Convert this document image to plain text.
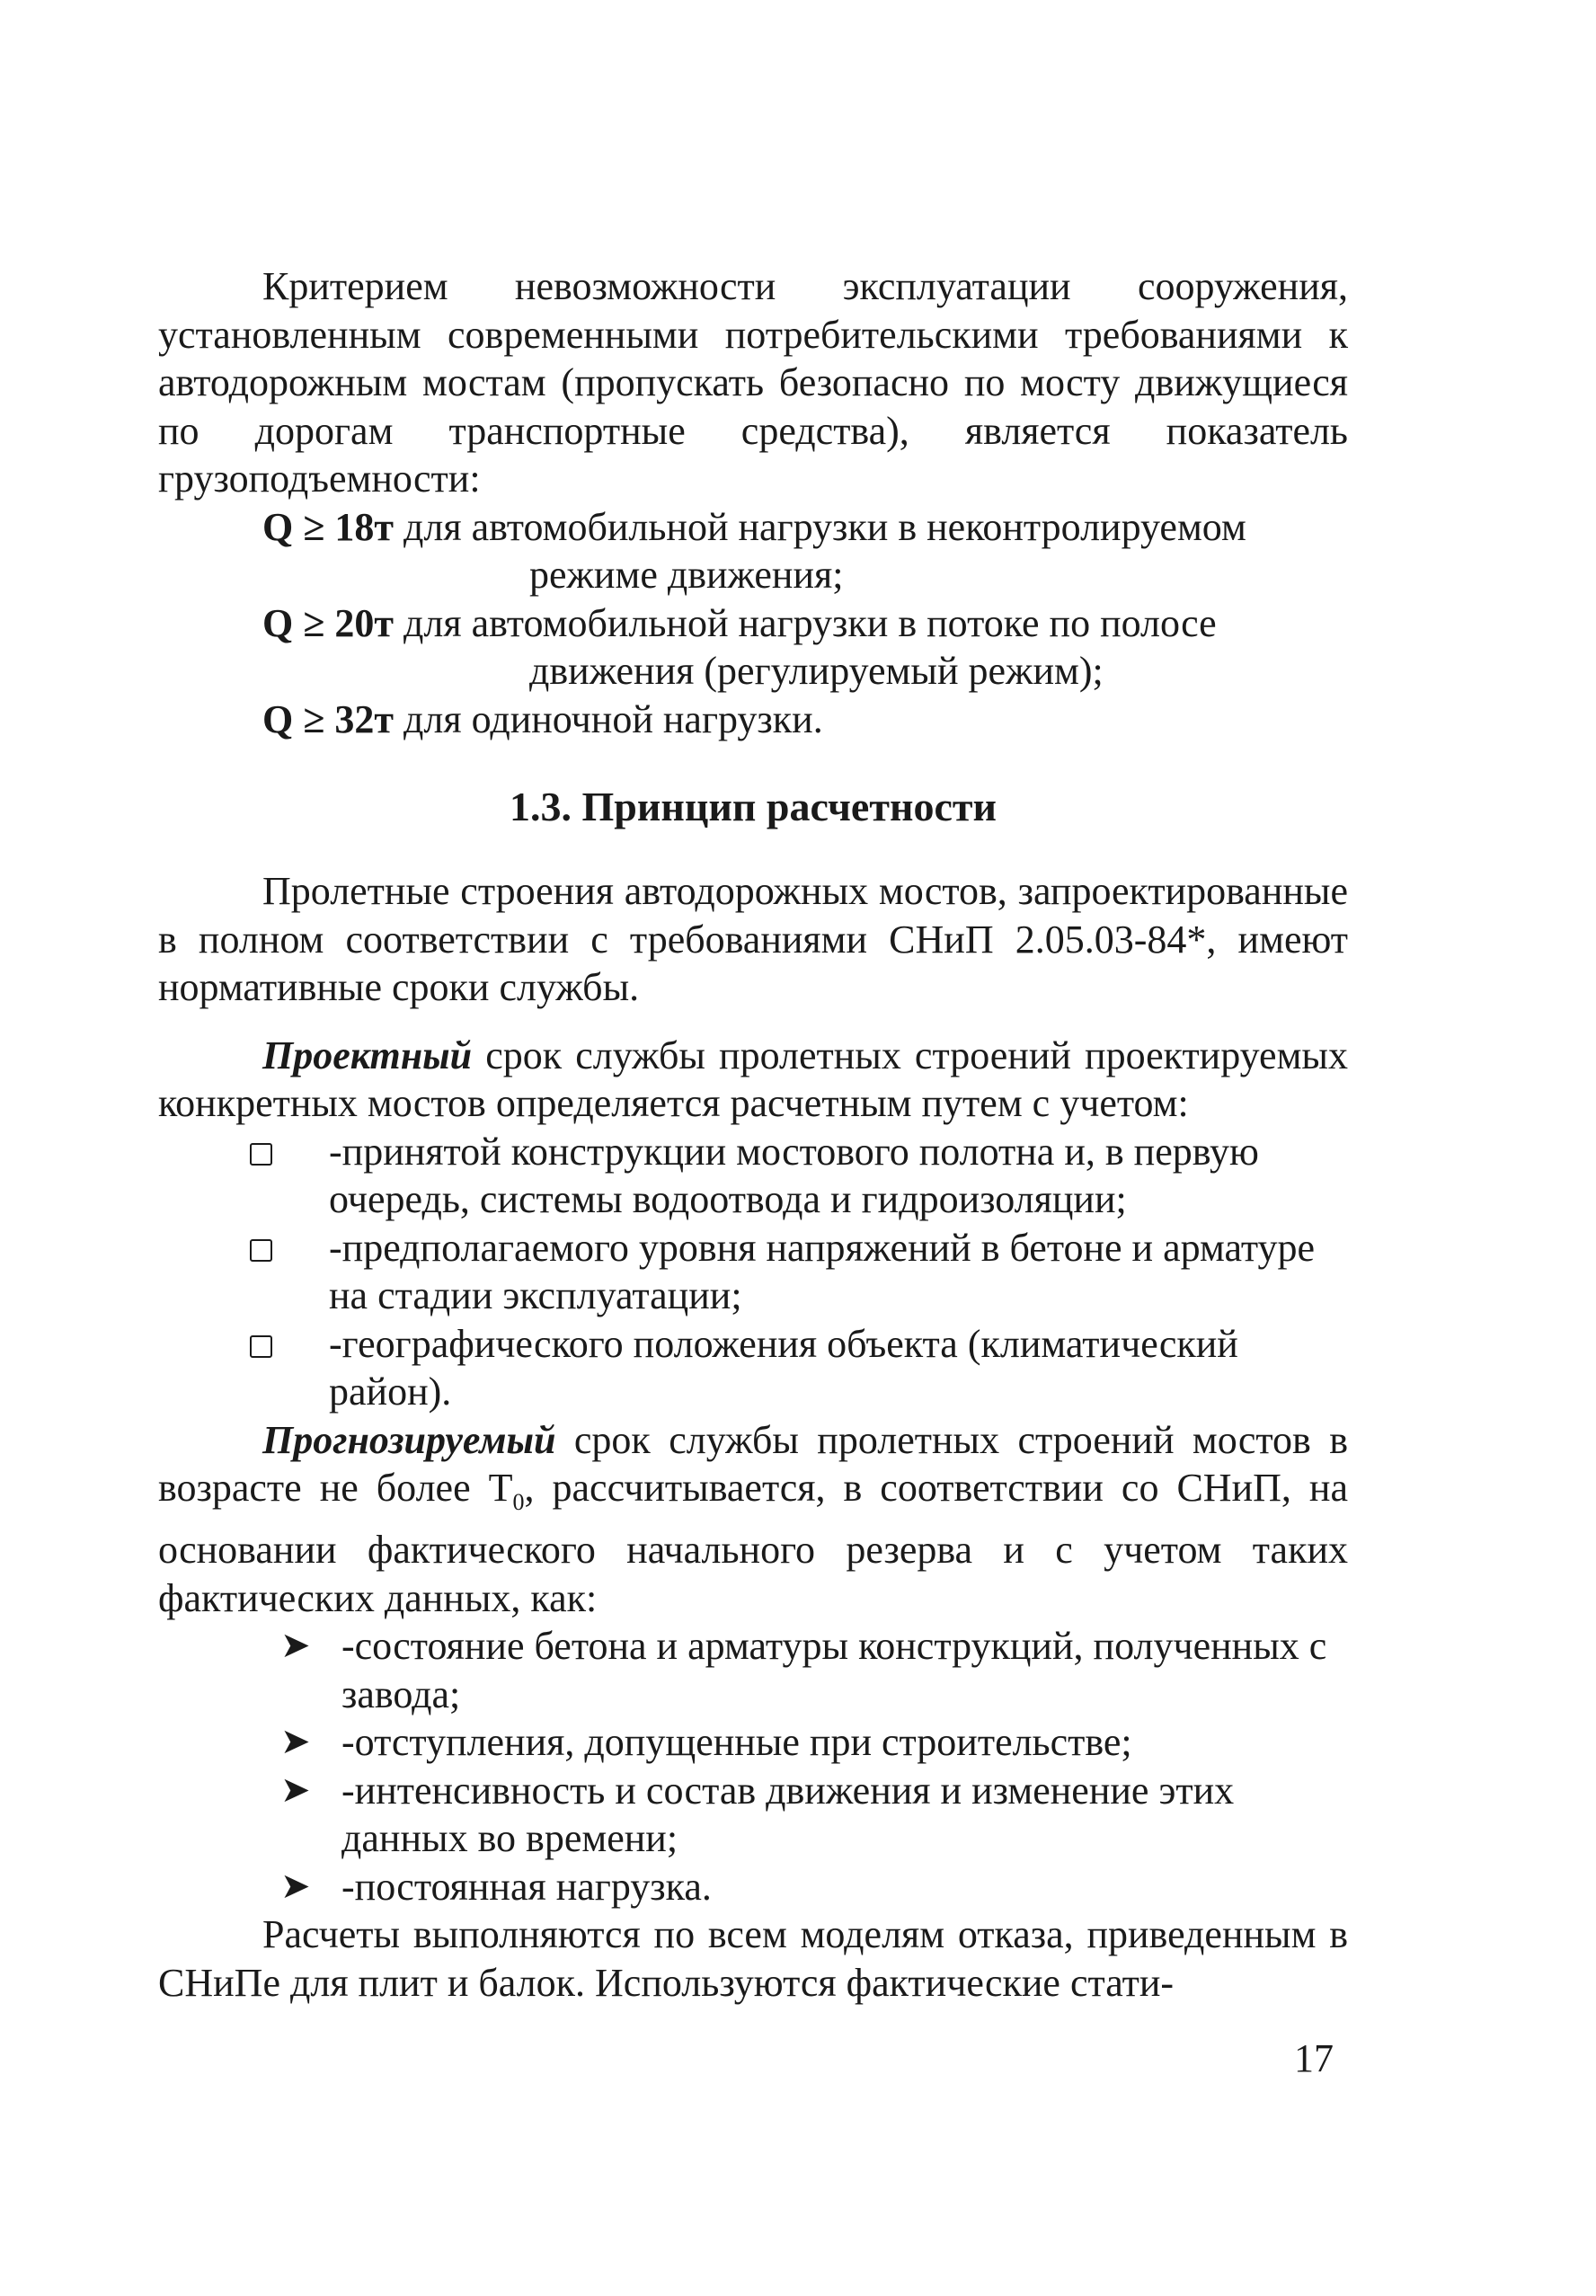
Критерием невозможности эксплуатации сооружения, установленным современными потребительскими требованиями к автодорожным мостам (пропускать безопасно по мосту движущиеся по дорогам транспортные средства), является показатель грузоподъемности:

Q ≥ 18т для автомобильной нагрузки в неконтролируемом

режиме движения;

Q ≥ 20т для автомобильной нагрузки в потоке по полосе

движения (регулируемый режим);

Q ≥ 32т для одиночной нагрузки.

1.3. Принцип расчетности

Пролетные строения автодорожных мостов, запроектированные в полном соответствии с требованиями СНиП 2.05.03-84*, имеют нормативные сроки службы.

Проектный срок службы пролетных строений проектируемых конкретных мостов определяется расчетным путем с учетом:

-принятой конструкции мостового полотна и, в первую очередь, системы водоотвода и гидроизоляции;
-предполагаемого уровня напряжений в бетоне и арматуре на стадии эксплуатации;
-географического положения объекта (климатический район).

Прогнозируемый срок службы пролетных строений мостов в возрасте не более $Т_0$, рассчитывается, в соответствии со СНиП, на основании фактического начального резерва и с учетом таких фактических данных, как:

➤ -состояние бетона и арматуры конструкций, полученных с завода;
➤ -отступления, допущенные при строительстве;
➤ -интенсивность и состав движения и изменение этих данных во времени;
➤ -постоянная нагрузка.

Расчеты выполняются по всем моделям отказа, приведенным в СНиПе для плит и балок. Используются фактические стати-

17
